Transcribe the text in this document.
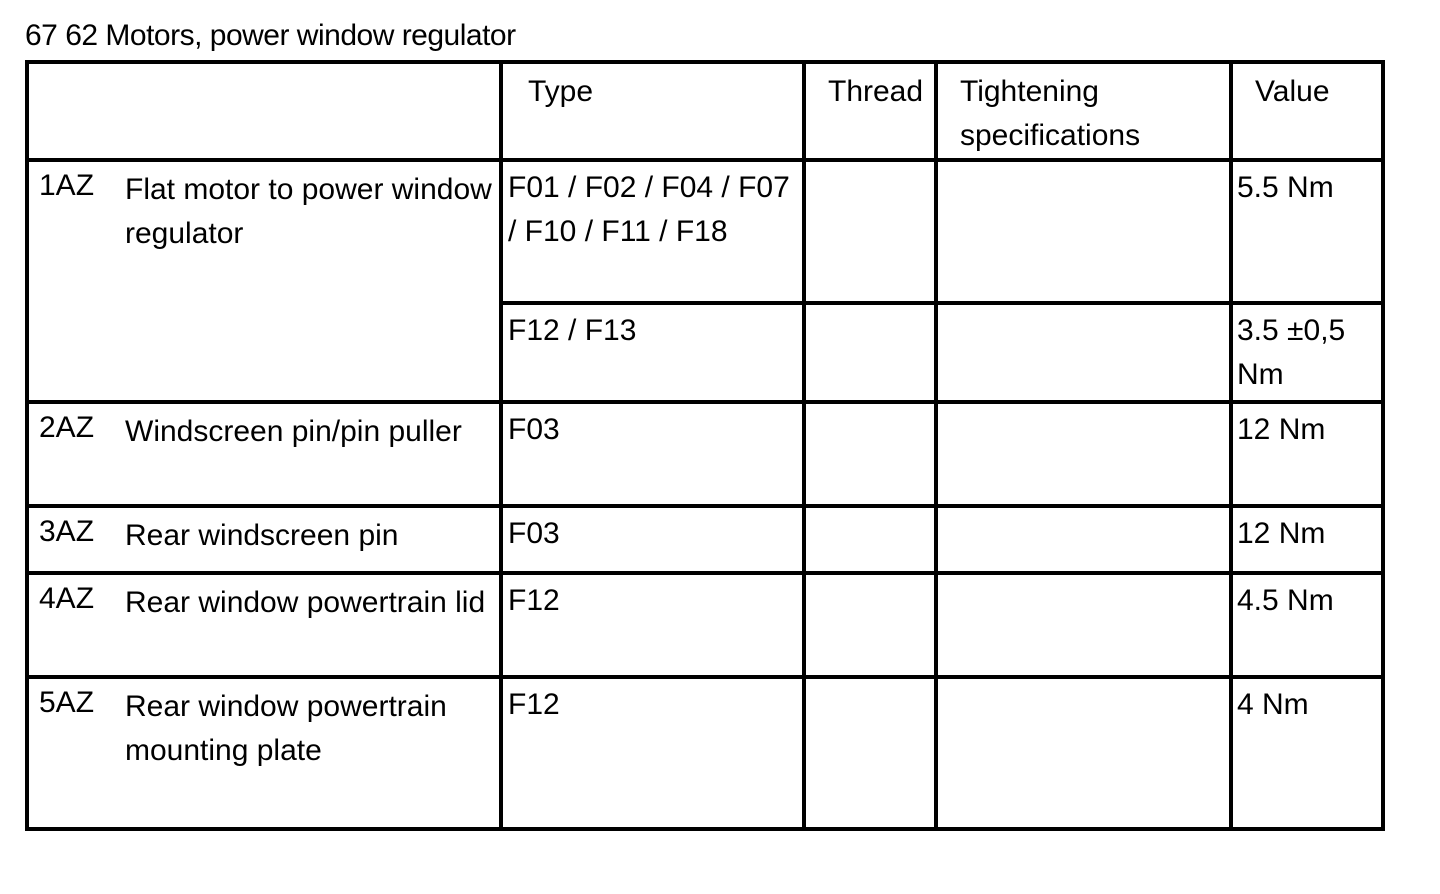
67 62 Motors, power window regulator
	Type	Thread	Tightening specifications	Value

1AZ Flat motor to power window regulator	F01 / F02 / F04 / F07 / F10 / F11 / F18			5.5 Nm
	F12 / F13			3.5 ±0,5 Nm

2AZ Windscreen pin/pin puller	F03			12 Nm

3AZ Rear windscreen pin	F03			12 Nm

4AZ Rear window powertrain lid	F12			4.5 Nm

5AZ Rear window powertrain mounting plate	F12			4 Nm
